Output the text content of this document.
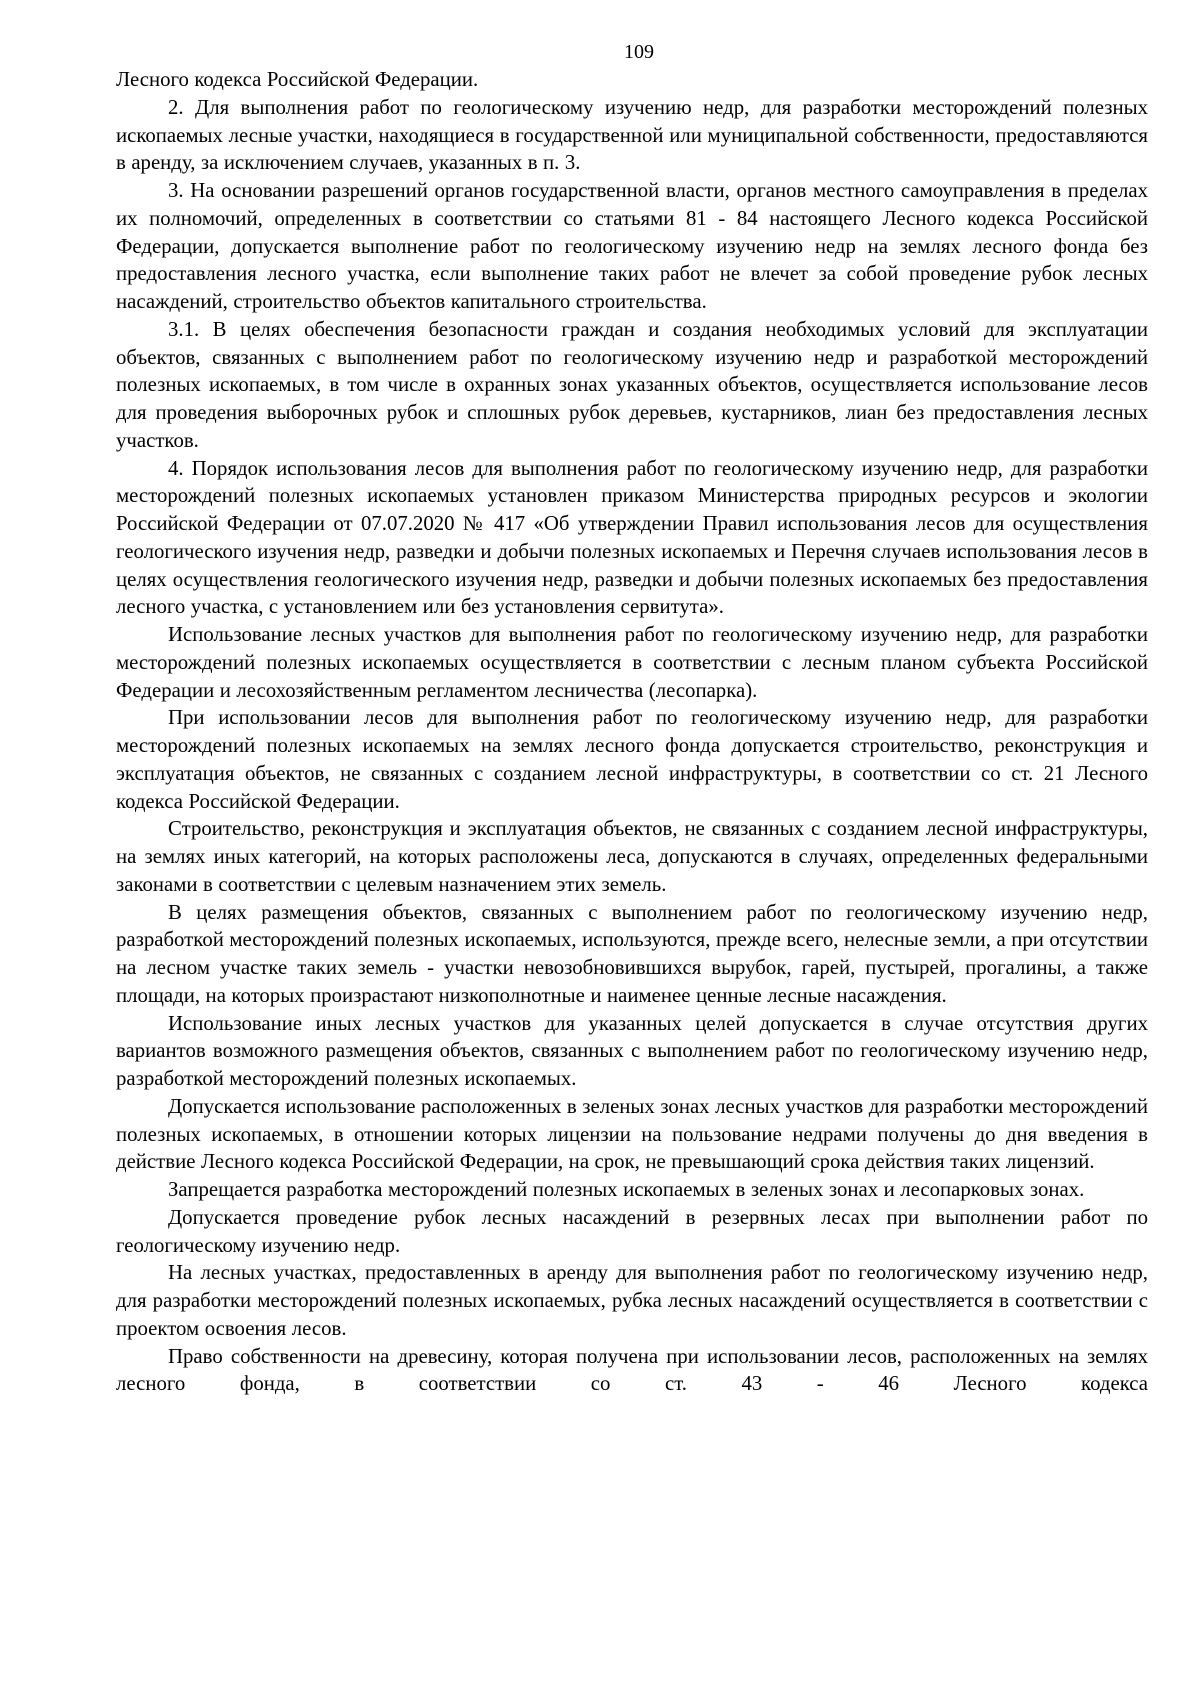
109

Лесного кодекса Российской Федерации.

2. Для выполнения работ по геологическому изучению недр, для разработки месторождений полезных ископаемых лесные участки, находящиеся в государственной или муниципальной собственности, предоставляются в аренду, за исключением случаев, указанных в п. 3.

3. На основании разрешений органов государственной власти, органов местного самоуправления в пределах их полномочий, определенных в соответствии со статьями 81 - 84 настоящего Лесного кодекса Российской Федерации, допускается выполнение работ по геологическому изучению недр на землях лесного фонда без предоставления лесного участка, если выполнение таких работ не влечет за собой проведение рубок лесных насаждений, строительство объектов капитального строительства.

3.1. В целях обеспечения безопасности граждан и создания необходимых условий для эксплуатации объектов, связанных с выполнением работ по геологическому изучению недр и разработкой месторождений полезных ископаемых, в том числе в охранных зонах указанных объектов, осуществляется использование лесов для проведения выборочных рубок и сплошных рубок деревьев, кустарников, лиан без предоставления лесных участков.

4. Порядок использования лесов для выполнения работ по геологическому изучению недр, для разработки месторождений полезных ископаемых установлен приказом Министерства природных ресурсов и экологии Российской Федерации от 07.07.2020 № 417 «Об утверждении Правил использования лесов для осуществления геологического изучения недр, разведки и добычи полезных ископаемых и Перечня случаев использования лесов в целях осуществления геологического изучения недр, разведки и добычи полезных ископаемых без предоставления лесного участка, с установлением или без установления сервитута».

Использование лесных участков для выполнения работ по геологическому изучению недр, для разработки месторождений полезных ископаемых осуществляется в соответствии с лесным планом субъекта Российской Федерации и лесохозяйственным регламентом лесничества (лесопарка).

При использовании лесов для выполнения работ по геологическому изучению недр, для разработки месторождений полезных ископаемых на землях лесного фонда допускается строительство, реконструкция и эксплуатация объектов, не связанных с созданием лесной инфраструктуры, в соответствии со ст. 21 Лесного кодекса Российской Федерации.

Строительство, реконструкция и эксплуатация объектов, не связанных с созданием лесной инфраструктуры, на землях иных категорий, на которых расположены леса, допускаются в случаях, определенных федеральными законами в соответствии с целевым назначением этих земель.

В целях размещения объектов, связанных с выполнением работ по геологическому изучению недр, разработкой месторождений полезных ископаемых, используются, прежде всего, нелесные земли, а при отсутствии на лесном участке таких земель - участки невозобновившихся вырубок, гарей, пустырей, прогалины, а также площади, на которых произрастают низкополнотные и наименее ценные лесные насаждения.

Использование иных лесных участков для указанных целей допускается в случае отсутствия других вариантов возможного размещения объектов, связанных с выполнением работ по геологическому изучению недр, разработкой месторождений полезных ископаемых.

Допускается использование расположенных в зеленых зонах лесных участков для разработки месторождений полезных ископаемых, в отношении которых лицензии на пользование недрами получены до дня введения в действие Лесного кодекса Российской Федерации, на срок, не превышающий срока действия таких лицензий.

Запрещается разработка месторождений полезных ископаемых в зеленых зонах и лесопарковых зонах.

Допускается проведение рубок лесных насаждений в резервных лесах при выполнении работ по геологическому изучению недр.

На лесных участках, предоставленных в аренду для выполнения работ по геологическому изучению недр, для разработки месторождений полезных ископаемых, рубка лесных насаждений осуществляется в соответствии с проектом освоения лесов.

Право собственности на древесину, которая получена при использовании лесов, расположенных на землях лесного фонда, в соответствии со ст. 43 - 46 Лесного кодекса
